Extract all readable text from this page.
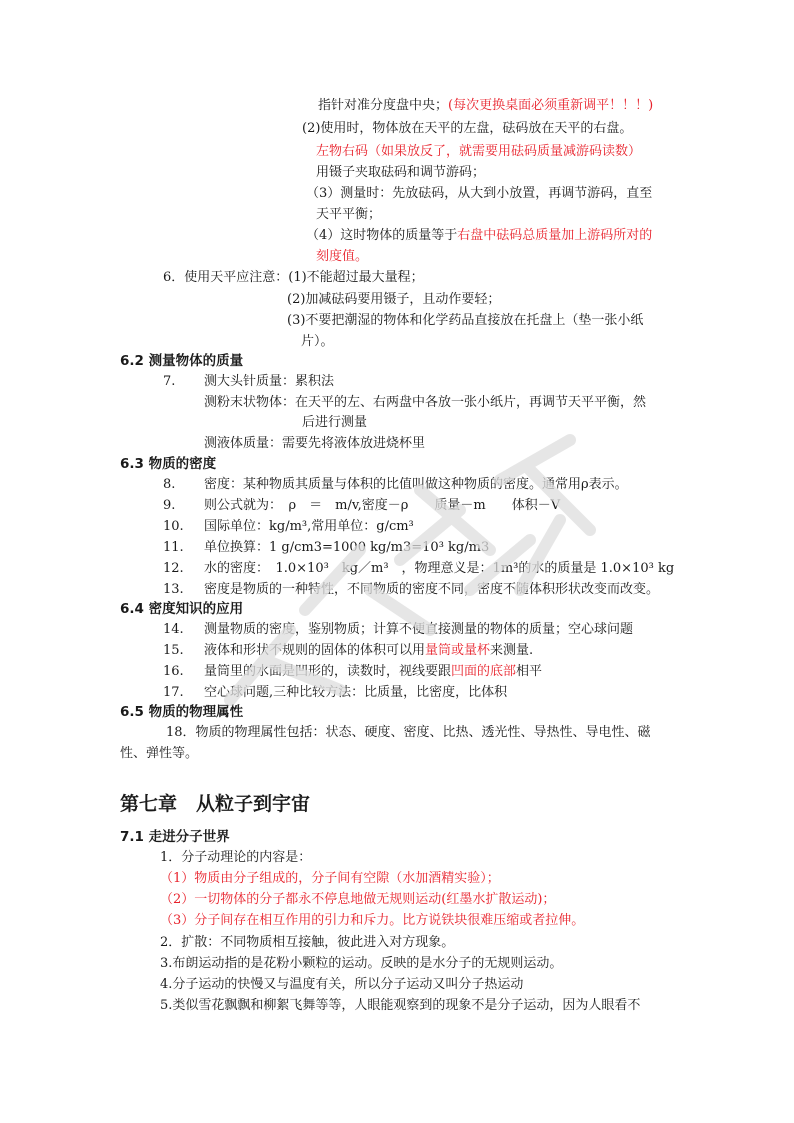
指针对准分度盘中央；(每次更换桌面必须重新调平！！！)
(2)使用时，物体放在天平的左盘，砝码放在天平的右盘。
左物右码（如果放反了，就需要用砝码质量减游码读数）
用镊子夹取砝码和调节游码；
（3）测量时：先放砝码，从大到小放置，再调节游码，直至
天平平衡；
（4）这时物体的质量等于右盘中砝码总质量加上游码所对的
刻度值。
6．使用天平应注意：(1)不能超过最大量程；
(2)加减砝码要用镊子，且动作要轻；
(3)不要把潮湿的物体和化学药品直接放在托盘上（垫一张小纸
片）。
6.2 测量物体的质量
7. 测大头针质量：累积法
测粉末状物体：在天平的左、右两盘中各放一张小纸片，再调节天平平衡，然
后进行测量
测液体质量：需要先将液体放进烧杯里
6.3 物质的密度
8. 密度：某种物质其质量与体积的比值叫做这种物质的密度。通常用ρ表示。
9. 则公式就为：　ρ　＝　m/v,密度－ρ　　质量－m　　体积－V
10. 国际单位：kg/m³,常用单位：g/cm³
11. 单位换算：1 g/cm3=1000 kg/m3=10³ kg/m3
12. 水的密度：　1.0×10³　kg／m³　，物理意义是：1m³的水的质量是 1.0×10³ kg
13. 密度是物质的一种特性，不同物质的密度不同，密度不随体积形状改变而改变。
6.4 密度知识的应用
14. 测量物质的密度，鉴别物质；计算不便直接测量的物体的质量；空心球问题
15. 液体和形状不规则的固体的体积可以用量筒或量杯来测量.
16. 量筒里的水面是凹形的，读数时，视线要跟凹面的底部相平
17. 空心球问题,三种比较方法：比质量，比密度，比体积
6.5 物质的物理属性
18．物质的物理属性包括：状态、硬度、密度、比热、透光性、导热性、导电性、磁
性、弹性等。
第七章　从粒子到宇宙
7.1 走进分子世界
1．分子动理论的内容是：
（1）物质由分子组成的，分子间有空隙（水加酒精实验）；
（2）一切物体的分子都永不停息地做无规则运动(红墨水扩散运动)；
（3）分子间存在相互作用的引力和斥力。比方说铁块很难压缩或者拉伸。
2．扩散：不同物质相互接触，彼此进入对方现象。
3.布朗运动指的是花粉小颗粒的运动。反映的是水分子的无规则运动。
4.分子运动的快慢又与温度有关，所以分子运动又叫分子热运动
5.类似雪花飘飘和柳絮飞舞等等，人眼能观察到的现象不是分子运动，因为人眼看不
